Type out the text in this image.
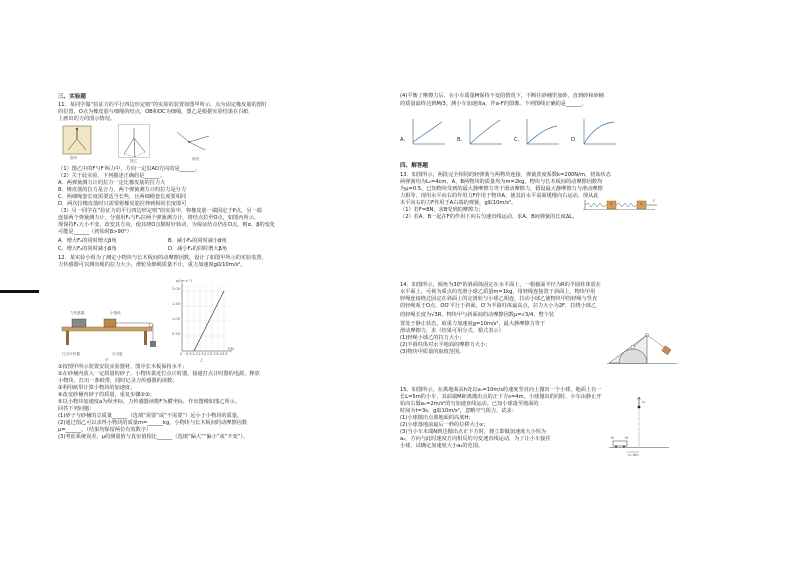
三、实验题
11．某同学做“验证力的平行四边形定则”的实验的装置如图甲所示，点为固定橡皮筋的图钉
的位置，O点为橡皮筋与细绳的结点，OB和OC为细绳。图乙是根据实验结果在白纸
上画出的力的图示情况。
图甲
图乙	图丙
（1）图乙中的F与F′两力中，方向一定沿AO方向的是______。
（2）关于此实验，下列描述正确的是______。
A．两弹簧测力计的拉力一定比橡皮筋的拉力大
B．橡皮筋的拉力是合力，两个弹簧测力计的拉力是分力
C．两细绳套长度需要适当长些，且两细绳套长度要相同
D．两次拉橡皮筋时只需要将橡皮筋拉伸到相同长度即可
（3）另一同学在“验证力的平行四边形定则”的实验中，将橡皮筋一端固定于P点，另一端
连接两个弹簧测力计，分别用F₁与F₂拉两个弹簧测力计，将结点拉至O点，如图丙所示，
现保持F₁大小不变，改变其方向，使其绕O点顺时针转动，为保证结点仍在O点，则α、β的变化
可能是______（初始时β>90°）
A．增大F₂的同时增大β角	B．减小F₂的同时减小β角
C．增大F₂的同时减小β角	D．减小F₂的同时增大β角
12．某实验小组为了测定小物块与长木板间的动摩擦因数，设计了如图甲所示的实验装置，
力传感器可以测出绳的拉力大小，滑轮及细绳质量不计，重力加速度g取10m/s²。
力传感器	小物块
打点计时器	长木板
甲
2.00
1.50
1.00
0.50
0 0.5 1.0 1.5 2.0 2.5 3.0 3.5
a/(m·s⁻²)
F/N
乙
①按图甲所示装置安装实验器材，图中长木板保持水平；
②在砂桶内放入一定质量的砂子，小物块靠近打点计时器，接通打点计时器的电源，释放
小物块，打出一条纸带，同时记录力传感器的读数；
③利用纸带计算小物块的加速度；
④改变砂桶内砂子的质量，重复步骤②③；
⑤以小物块加速度a为纵坐标，力传感器读数F为横坐标，作出图像如图乙所示。
回答下列问题：
(1)砂子与砂桶的总质量______（选填“需要”或“不需要”）远小于小物块的质量。
(2)通过图乙可以求得小物块的质量m=______kg，小物块与长木板间的动摩擦因数
μ=______。（结果均保留两位有效数字）
(3)考虑系统误差，μ的测量值与真实值相比______（选填“偏大”“偏小”或“不变”）。
(4)平衡了摩擦力后，在小车质量M保持不变的情况下，不断往砂桶里加砂，直到砂和砂桶
的质量最终达到M/3。测小车加速度a，作a-F的图像。下列图线正确的是______。
A.	B.	C.	D.
四、解答题
13．如图所示，两段完全相同的轻弹簧与两物块连接，弹簧劲度系数k=200N/m，初始状态
两弹簧均为L₀=4cm，A、B两物块的质量均为m=2kg，物块与长木板间的动摩擦因数均
为μ=0.5，已知物块受到的最大静摩擦力等于滑动摩擦力，假设最大静摩擦力与滑动摩擦
力相等，现用水平向右的作用力F作用于物块A，使其沿水平桌面缓慢向右运动，现从此
木平向右的力F作用于A右端的弹簧，g取10m/s²。
（1）若F=8N，求B受到的摩擦力；
（2）若A、B一起在F的作用下向右匀速直线运动，求A、B间弹簧的长度ΔL。
B	A
F
14．如图所示，倾角为30°的斜面体固定在水平面上，一根截面半径为R的半圆柱体放在
水平面上，可视为质点的光滑小球乙质量m=1kg，用轻绳连接置于斜面上，物块甲用
轻绳连接绕过固定在斜面上的定滑轮与小球乙相连，拉动小球乙使物块甲的轻绳与竖直
的轻绳系于O点，OO′平行于斜面，O′为半圆柱体最高点，拉力大小为2F，拉绕小球乙
的轻绳长度为√3R，物块甲与斜面间的动摩擦因数μ=√3/4，整个装
置处于静止状态。取重力加速度g=10m/s²，最大静摩擦力等于
滑动摩擦力，求（结果可用分式、根式表示）
(1)轻绳小球乙的拉力大小；
(2)半圆柱体对水平地面的摩擦力大小；
(3)物块甲质量的取值范围。
15．如图所示，在离地面高h处以v₀=10m/s的速度竖直向上抛出一个小球，地面上有一
长L=5m的小车，其前端M距离抛出点的正下方s=4m，小球抛出的同时，小车由静止开
始向右做a₁=2m/s²的匀加速直线运动。已知小球落至地面的
时间为t=3s，g取10m/s²，忽略空气阻力，试求：
(1)小球抛出点离地面的高度H；
(2)小球落地前最后一秒的位移大小x；
(3)当小车末端N到达抛出点正下方时，便立即做加速度大小恒为
a₂，方向与此时速度方向相反的匀变速直线运动，为了让小车接住
小球，试确定加速度大小a₂的范围。
v₀
N	M
s=4m
